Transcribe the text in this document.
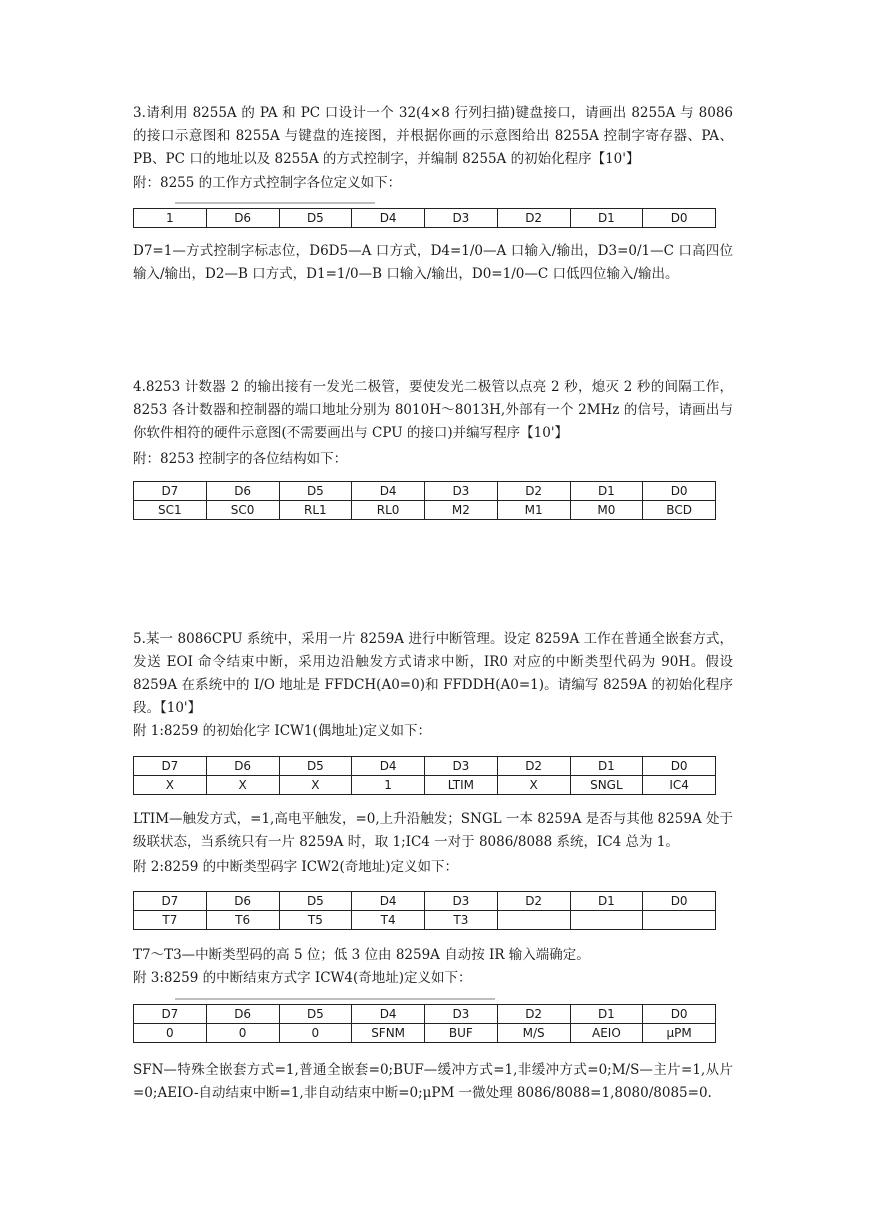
3.请利用 8255A 的 PA 和 PC 口设计一个 32(4×8 行列扫描)键盘接口，请画出 8255A 与 8086 的接口示意图和 8255A 与键盘的连接图，并根据你画的示意图给出 8255A 控制字寄存器、PA、PB、PC 口的地址以及 8255A 的方式控制字，并编制 8255A 的初始化程序【10'】

附：8255 的工作方式控制字各位定义如下：

1	D6	D5	D4	D3	D2	D1	D0

D7=1—方式控制字标志位，D6D5—A 口方式，D4=1/0—A 口输入/输出，D3=0/1—C 口高四位输入/输出，D2—B 口方式，D1=1/0—B 口输入/输出，D0=1/0—C 口低四位输入/输出。

4.8253 计数器 2 的输出接有一发光二极管，要使发光二极管以点亮 2 秒，熄灭 2 秒的间隔工作，8253 各计数器和控制器的端口地址分别为 8010H～8013H,外部有一个 2MHz 的信号，请画出与你软件相符的硬件示意图(不需要画出与 CPU 的接口)并编写程序【10'】

附：8253 控制字的各位结构如下：

D7	D6	D5	D4	D3	D2	D1	D0
SC1	SC0	RL1	RL0	M2	M1	M0	BCD

5.某一 8086CPU 系统中，采用一片 8259A 进行中断管理。设定 8259A 工作在普通全嵌套方式，发送 EOI 命令结束中断，采用边沿触发方式请求中断，IR0 对应的中断类型代码为 90H。假设 8259A 在系统中的 I/O 地址是 FFDCH(A0=0)和 FFDDH(A0=1)。请编写 8259A 的初始化程序段。【10'】

附 1:8259 的初始化字 ICW1(偶地址)定义如下：

D7	D6	D5	D4	D3	D2	D1	D0
X	X	X	1	LTIM	X	SNGL	IC4

LTIM—触发方式，=1,高电平触发，=0,上升沿触发；SNGL 一本 8259A 是否与其他 8259A 处于级联状态，当系统只有一片 8259A 时，取 1;IC4 一对于 8086/8088 系统，IC4 总为 1。

附 2:8259 的中断类型码字 ICW2(奇地址)定义如下：

D7	D6	D5	D4	D3	D2	D1	D0
T7	T6	T5	T4	T3			

T7～T3—中断类型码的高 5 位；低 3 位由 8259A 自动按 IR 输入端确定。

附 3:8259 的中断结束方式字 ICW4(奇地址)定义如下：

D7	D6	D5	D4	D3	D2	D1	D0
0	0	0	SFNM	BUF	M/S	AEIO	μPM

SFN—特殊全嵌套方式=1,普通全嵌套=0;BUF—缓冲方式=1,非缓冲方式=0;M/S—主片=1,从片=0;AEIO-自动结束中断=1,非自动结束中断=0;μPM 一微处理 8086/8088=1,8080/8085=0.
